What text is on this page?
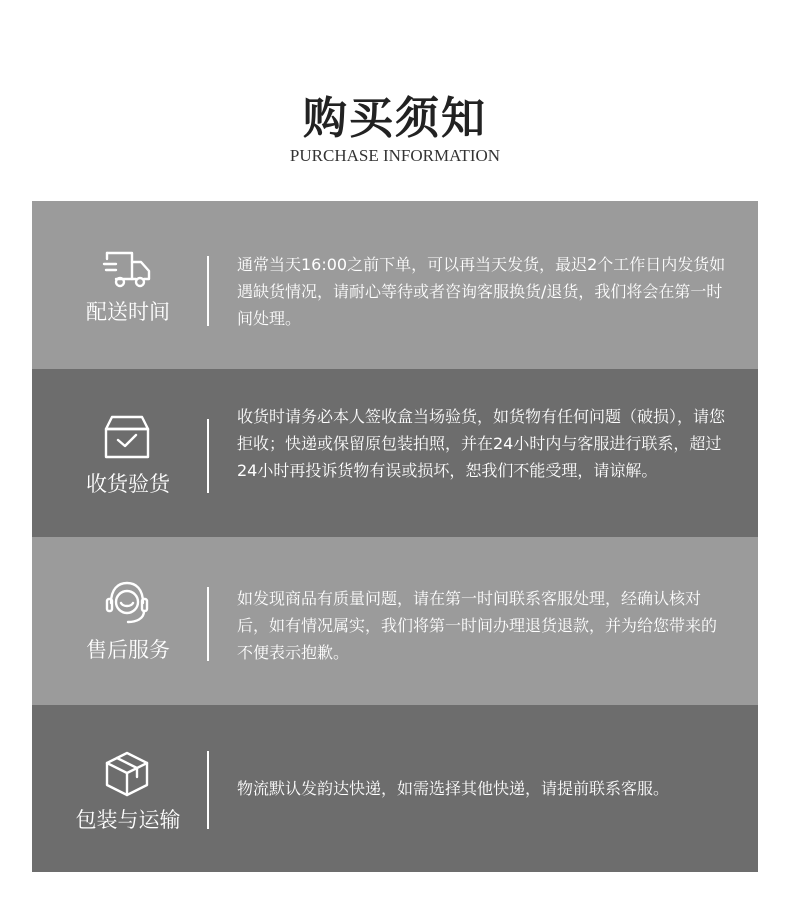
购买须知
PURCHASE INFORMATION
配送时间
通常当天16:00之前下单，可以再当天发货，最迟2个工作日内发货如遇缺货情况，请耐心等待或者咨询客服换货/退货，我们将会在第一时间处理。
收货验货
收货时请务必本人签收盒当场验货，如货物有任何问题（破损），请您拒收；快递或保留原包装拍照，并在24小时内与客服进行联系，超过24小时再投诉货物有误或损坏，恕我们不能受理，请谅解。
售后服务
如发现商品有质量问题，请在第一时间联系客服处理，经确认核对后，如有情况属实，我们将第一时间办理退货退款，并为给您带来的不便表示抱歉。
包装与运输
物流默认发韵达快递，如需选择其他快递，请提前联系客服。
